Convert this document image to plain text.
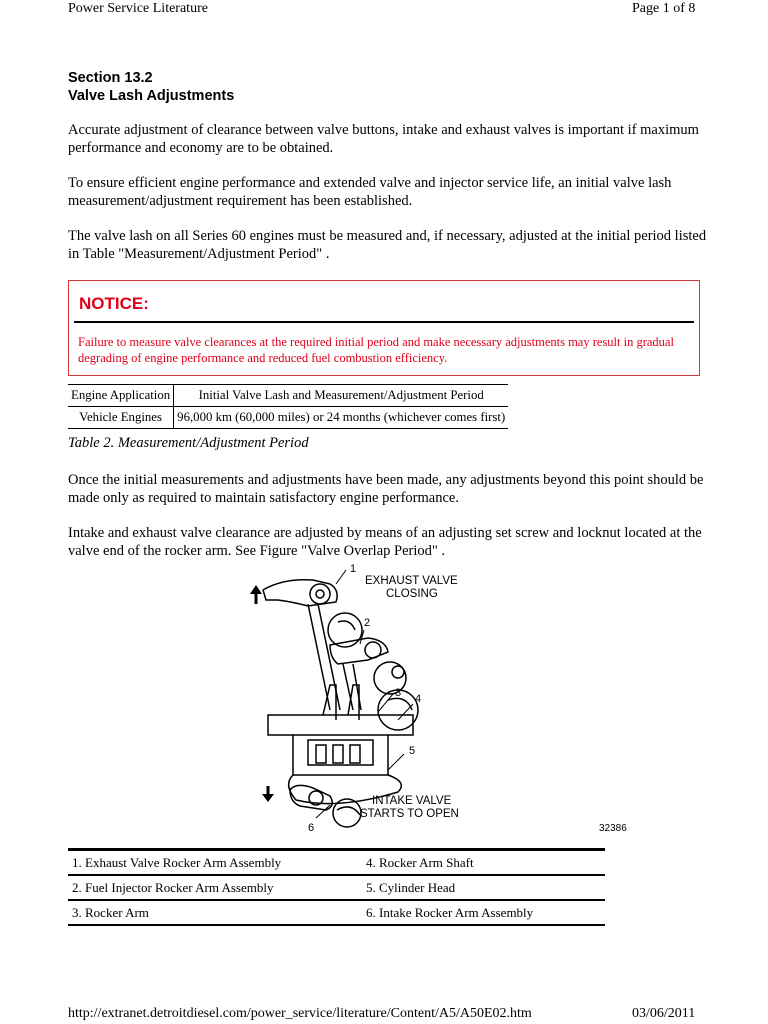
Power Service Literature	Page 1 of 8
Section 13.2
Valve Lash Adjustments

Accurate adjustment of clearance between valve buttons, intake and exhaust valves is important if maximum performance and economy are to be obtained.

To ensure efficient engine performance and extended valve and injector service life, an initial valve lash measurement/adjustment requirement has been established.

The valve lash on all Series 60 engines must be measured and, if necessary, adjusted at the initial period listed in Table "Measurement/Adjustment Period" .

NOTICE:
Failure to measure valve clearances at the required initial period and make necessary adjustments may result in gradual degrading of engine performance and reduced fuel combustion efficiency.
Engine Application	Initial Valve Lash and Measurement/Adjustment Period
Vehicle Engines	96,000 km (60,000 miles) or 24 months (whichever comes first)
Table 2. Measurement/Adjustment Period

Once the initial measurements and adjustments have been made, any adjustments beyond this point should be made only as required to maintain satisfactory engine performance.

Intake and exhaust valve clearance are adjusted by means of an adjusting set screw and locknut located at the valve end of the rocker arm. See Figure "Valve Overlap Period" .

1
2
3 4
5
6
EXHAUST VALVE
CLOSING
INTAKE VALVE
STARTS TO OPEN
32386
1. Exhaust Valve Rocker Arm Assembly	4. Rocker Arm Shaft
2. Fuel Injector Rocker Arm Assembly	5. Cylinder Head
3. Rocker Arm	6. Intake Rocker Arm Assembly
http://extranet.detroitdiesel.com/power_service/literature/Content/A5/A50E02.htm	03/06/2011
